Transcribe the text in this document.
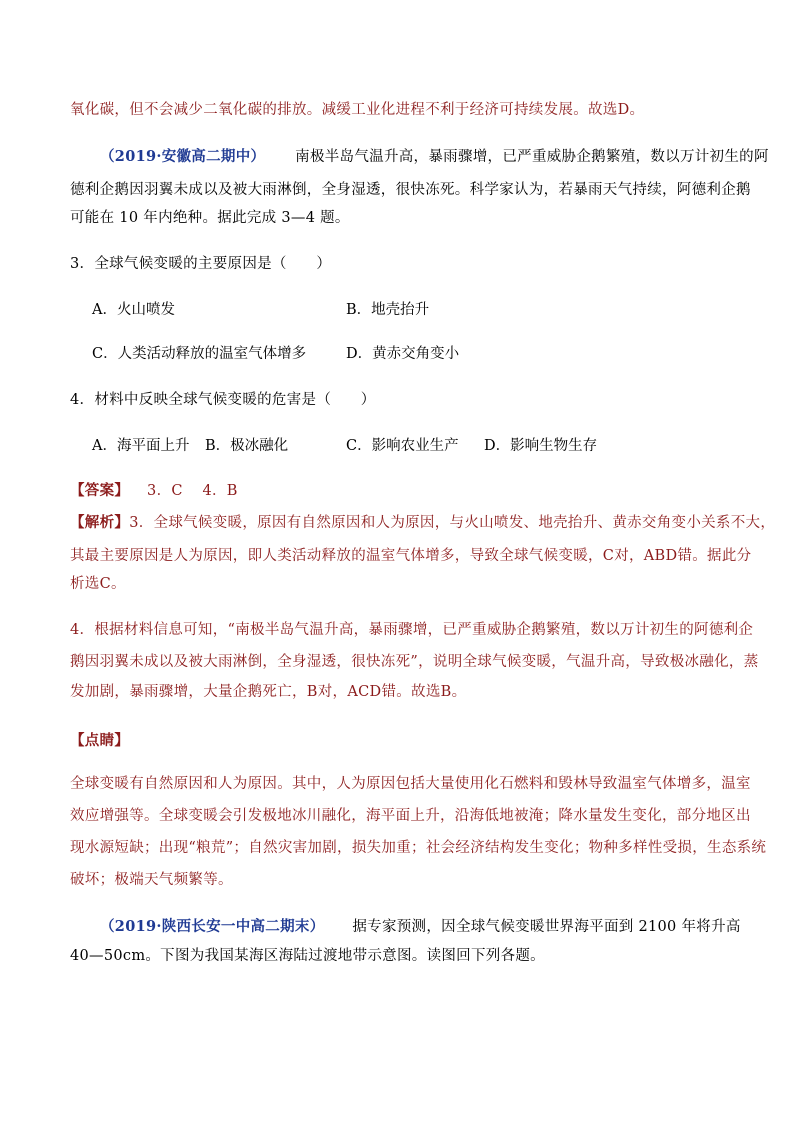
氧化碳，但不会减少二氧化碳的排放。减缓工业化进程不利于经济可持续发展。故选D。
（2019·安徽高二期中） 南极半岛气温升高，暴雨骤增，已严重威胁企鹅繁殖，数以万计初生的阿
德利企鹅因羽翼未成以及被大雨淋倒，全身湿透，很快冻死。科学家认为，若暴雨天气持续，阿德利企鹅
可能在 10 年内绝种。据此完成 3—4 题。
3．全球气候变暖的主要原因是（　　）
A．火山喷发	B．地壳抬升
C．人类活动释放的温室气体增多	D．黄赤交角变小
4．材料中反映全球气候变暖的危害是（　　）
A．海平面上升 B．极冰融化	C．影响农业生产 D．影响生物生存
【答案】 3．C　 4．B
【解析】3．全球气候变暖，原因有自然原因和人为原因，与火山喷发、地壳抬升、黄赤交角变小关系不大，
其最主要原因是人为原因，即人类活动释放的温室气体增多，导致全球气候变暖，C对，ABD错。据此分
析选C。
4．根据材料信息可知，“南极半岛气温升高，暴雨骤增，已严重威胁企鹅繁殖，数以万计初生的阿德利企
鹅因羽翼未成以及被大雨淋倒，全身湿透，很快冻死”，说明全球气候变暖，气温升高，导致极冰融化，蒸
发加剧，暴雨骤增，大量企鹅死亡，B对，ACD错。故选B。
【点睛】
全球变暖有自然原因和人为原因。其中，人为原因包括大量使用化石燃料和毁林导致温室气体增多，温室
效应增强等。全球变暖会引发极地冰川融化，海平面上升，沿海低地被淹；降水量发生变化，部分地区出
现水源短缺；出现“粮荒”；自然灾害加剧，损失加重；社会经济结构发生变化；物种多样性受损，生态系统
破坏；极端天气频繁等。
（2019·陕西长安一中高二期末） 据专家预测，因全球气候变暖世界海平面到 2100 年将升高
40—50cm。下图为我国某海区海陆过渡地带示意图。读图回下列各题。
